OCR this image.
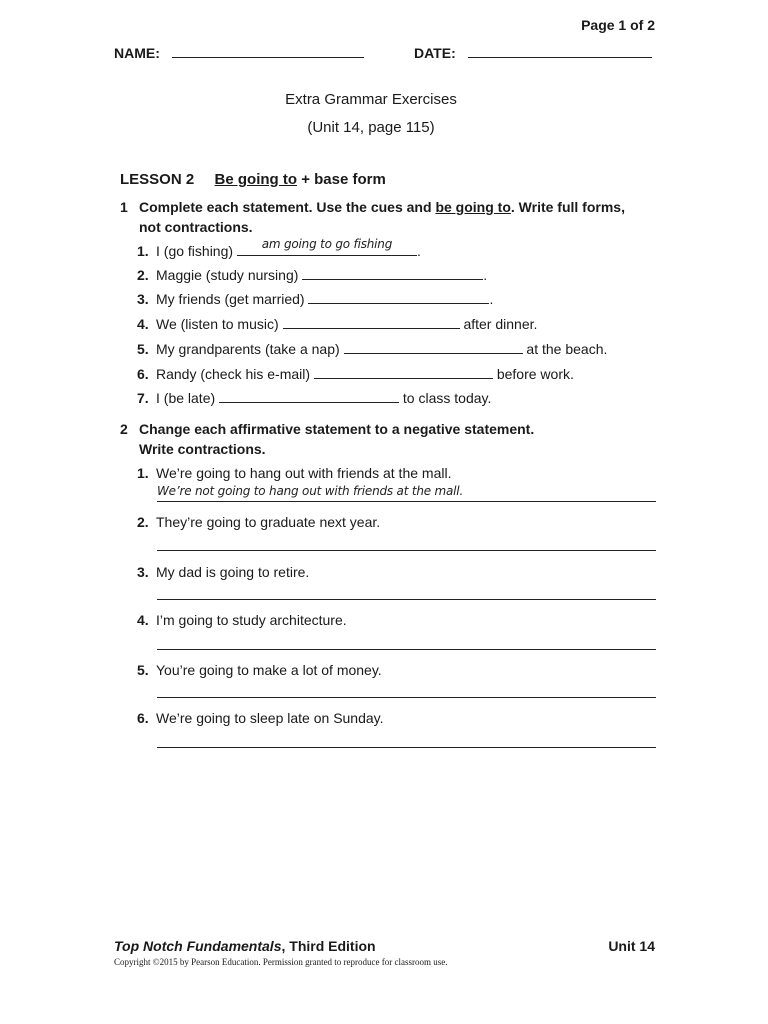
Page 1 of 2
NAME:	DATE:
Extra Grammar Exercises
(Unit 14, page 115)
LESSON 2 Be going to + base form
1 Complete each statement. Use the cues and be going to. Write full forms,
not contractions.
1. I (go fishing)	am going to go fishing	.
2. Maggie (study nursing)	.
3. My friends (get married)	.
4. We (listen to music)	after dinner.
5. My grandparents (take a nap)	at the beach.
6. Randy (check his e-mail)	before work.
7. I (be late)	to class today.
2 Change each affirmative statement to a negative statement.
Write contractions.
1. We’re going to hang out with friends at the mall.
We’re not going to hang out with friends at the mall.
2. They’re going to graduate next year.
3. My dad is going to retire.
4. I’m going to study architecture.
5. You’re going to make a lot of money.
6. We’re going to sleep late on Sunday.
Top Notch Fundamentals, Third Edition	Unit 14
Copyright ©2015 by Pearson Education. Permission granted to reproduce for classroom use.
